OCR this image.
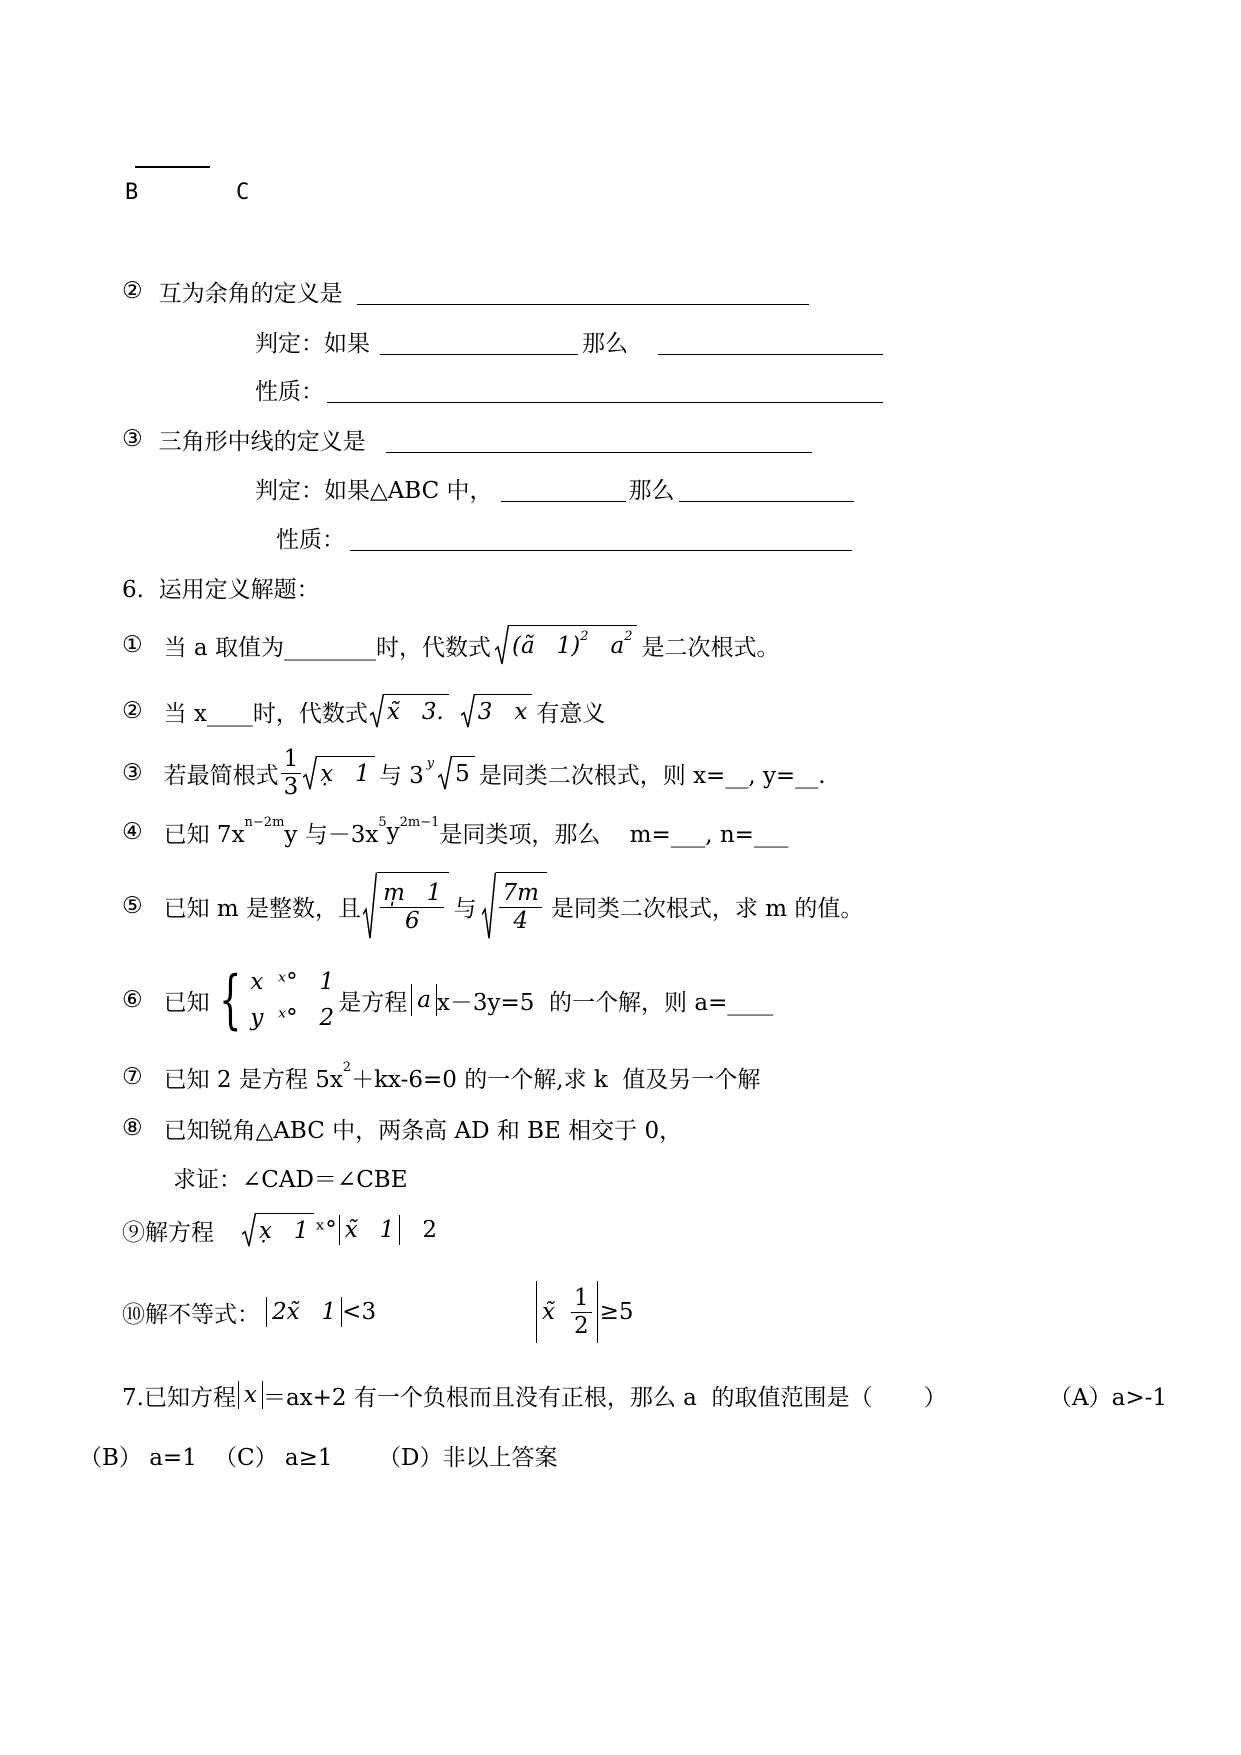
B	C
② 互为余角的定义是
判定：如果	那么
性质：
③ 三角形中线的定义是
判定：如果△ABC 中，	那么
性质：
6.  运用定义解题：
① 当 a 取值为________时，代数式 (ã   1) 2 a 2 是二次根式。
② 当 x____时，代数式 x̃   3. 3   x 有意义
③ 若最简根式 $\frac{1}{3}$ x̣   1 与 3 y 5 是同类二次根式，则 x=__, y=__.
④ 已知 7x n−2m y 与－3x 5 y 2m−1 是同类项，那么    m=___, n=___
⑤ 已知 m 是整数，且 $\frac{m̩ 1}{6}$ 与 $\frac{7m}{4}$ 是同类二次根式，求 m 的值。
⑥ 已知 { x  ˣ°   1
y  ˣ°   2
是方程 a x－3y=5  的一个解，则 a=____
⑦ 已知 2 是方程 5x 2 ＋kx-6=0 的一个解,求 k  值及另一个解
⑧ 已知锐角△ABC 中，两条高 AD 和 BE 相交于 0，
求证：∠CAD＝∠CBE
⑨解方程 x̣   1 ˣ° x̃   1 2
⑩解不等式： 2x̃   1 <3	x̃ $\frac{1}{2} \ge 5$
7.已知方程 x ＝ax+2 有一个负根而且没有正根，那么 a  的取值范围是（       ）	（A）a>-1
（B） a=1 （C） a≥1 （D）非以上答案
